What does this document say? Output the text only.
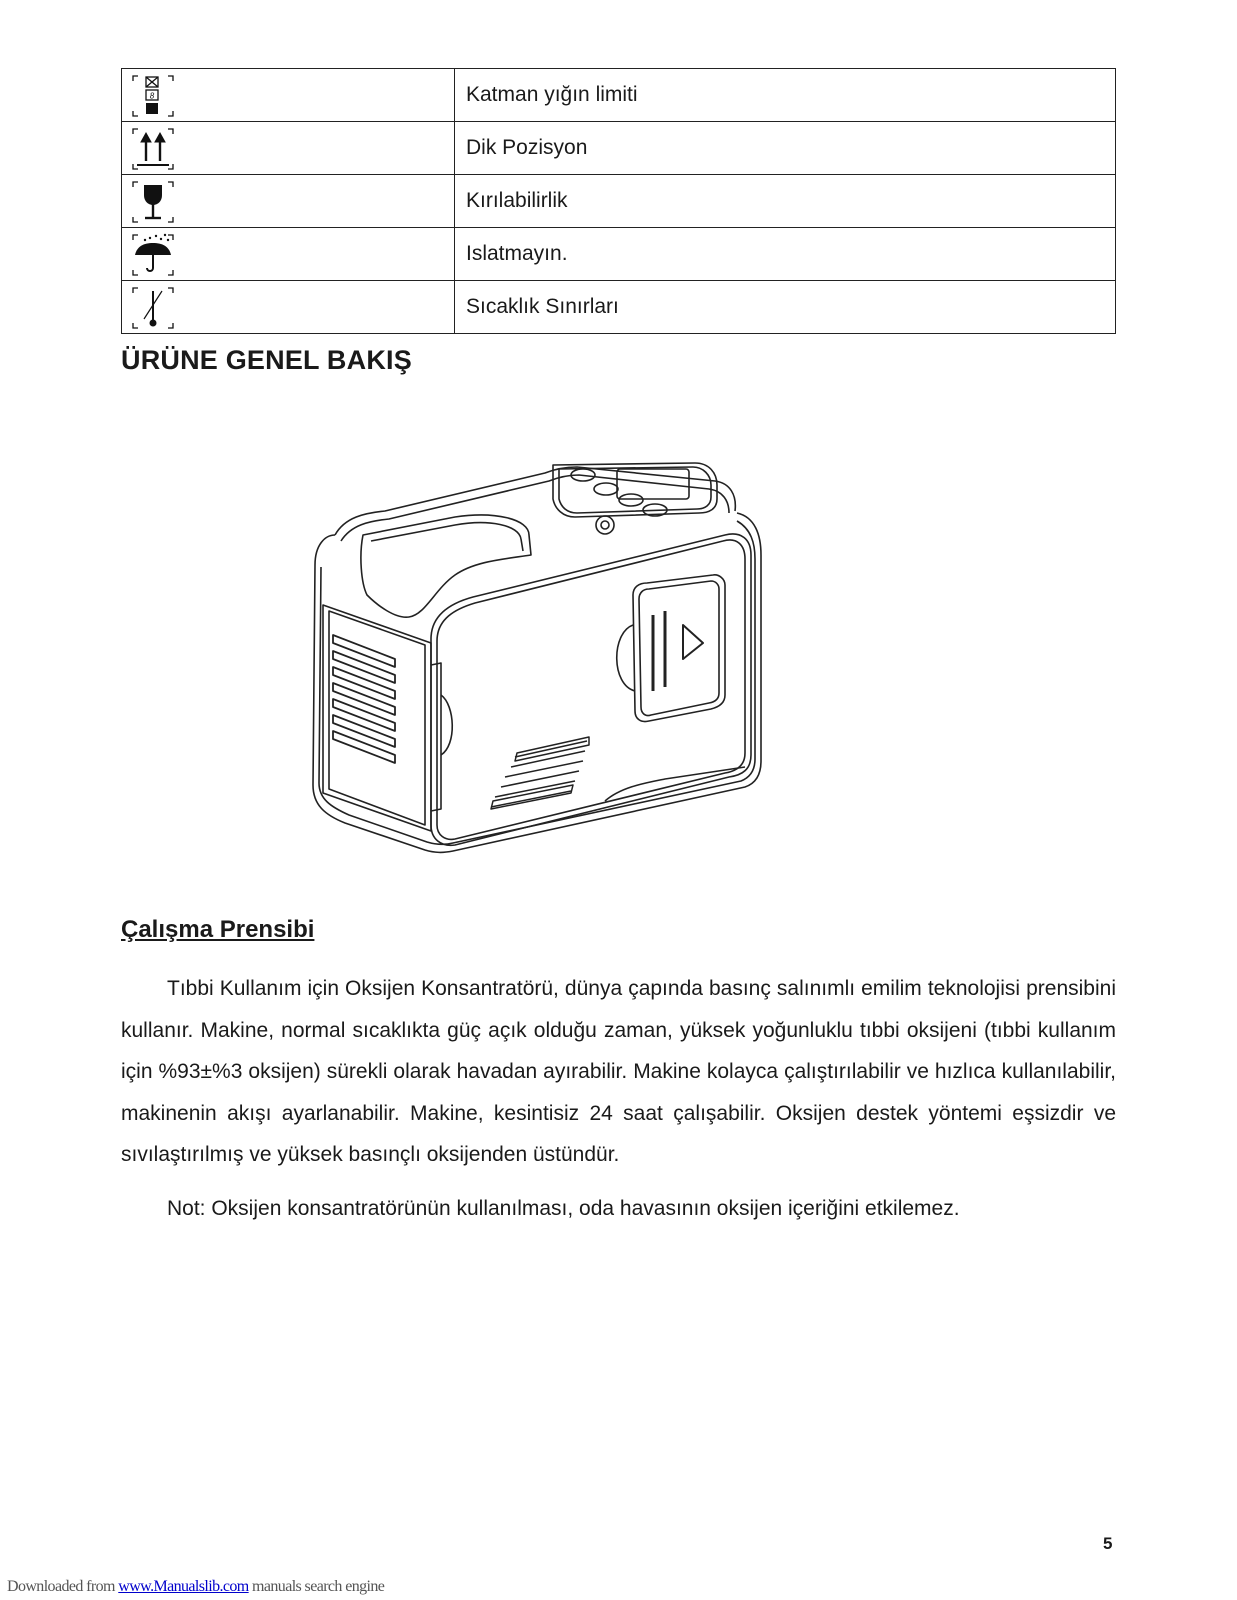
8	Katman yığın limiti

	Dik Pozisyon

	Kırılabilirlik

	Islatmayın.

	Sıcaklık Sınırları
ÜRÜNE GENEL BAKIŞ
Çalışma Prensibi

Tıbbi Kullanım için Oksijen Konsantratörü, dünya çapında basınç salınımlı emilim teknolojisi prensibini kullanır. Makine, normal sıcaklıkta güç açık olduğu zaman, yüksek yoğunluklu tıbbi oksijeni (tıbbi kullanım için %93±%3 oksijen) sürekli olarak havadan ayırabilir. Makine kolayca çalıştırılabilir ve hızlıca kullanılabilir, makinenin akışı ayarlanabilir. Makine, kesintisiz 24 saat çalışabilir. Oksijen destek yöntemi eşsizdir ve sıvılaştırılmış ve yüksek basınçlı oksijenden üstündür.

Not: Oksijen konsantratörünün kullanılması, oda havasının oksijen içeriğini etkilemez.

5
Downloaded from www.Manualslib.com manuals search engine
